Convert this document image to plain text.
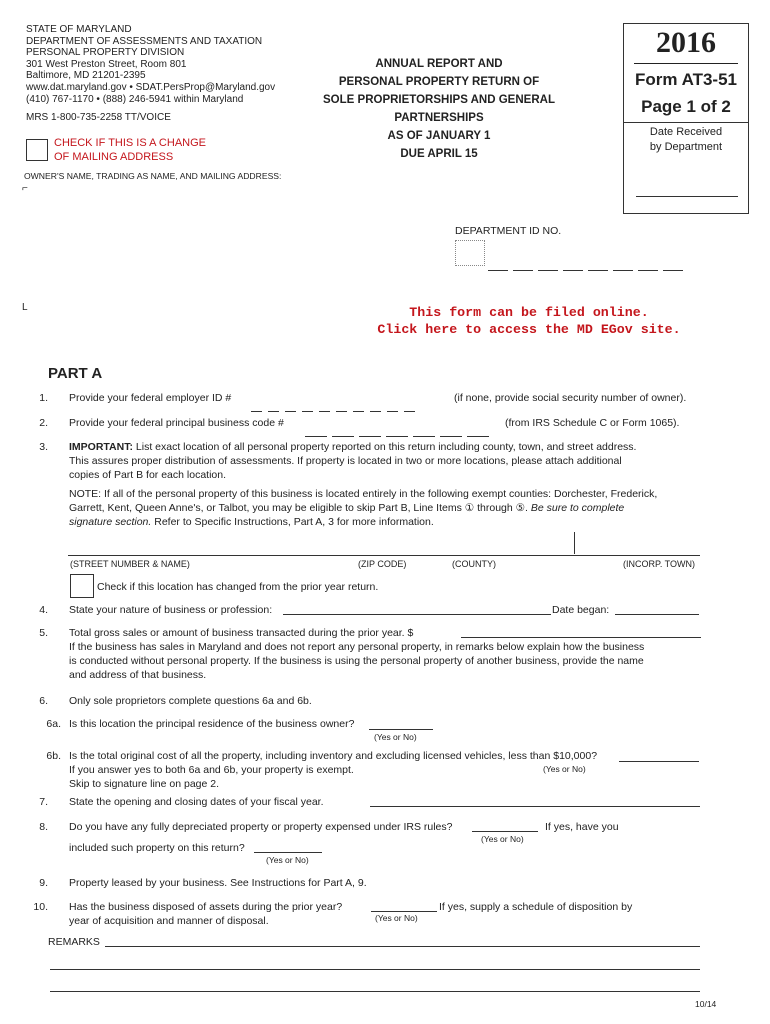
STATE OF MARYLAND
DEPARTMENT OF ASSESSMENTS AND TAXATION
PERSONAL PROPERTY DIVISION
301 West Preston Street, Room 801
Baltimore, MD 21201-2395
www.dat.maryland.gov • SDAT.PersProp@Maryland.gov
(410) 767-1170 • (888) 246-5941 within Maryland
MRS 1-800-735-2258 TT/VOICE
CHECK IF THIS IS A CHANGE
OF MAILING ADDRESS
OWNER'S NAME, TRADING AS NAME, AND MAILING ADDRESS:
⌐
L
ANNUAL REPORT AND
PERSONAL PROPERTY RETURN OF
SOLE PROPRIETORSHIPS AND GENERAL
PARTNERSHIPS
AS OF JANUARY 1
DUE APRIL 15
2016
Form AT3-51
Page 1 of 2
Date Received
by Department
DEPARTMENT ID NO.
This form can be filed online.
Click here to access the MD EGov site.
PART A
1. Provide your federal employer ID #	(if none, provide social security number of owner).
2. Provide your federal principal business code #	(from IRS Schedule C or Form 1065).
3. IMPORTANT: List exact location of all personal property reported on this return including county, town, and street address.
This assures proper distribution of assessments. If property is located in two or more locations, please attach additional
copies of Part B for each location.
NOTE: If all of the personal property of this business is located entirely in the following exempt counties: Dorchester, Frederick,
Garrett, Kent, Queen Anne's, or Talbot, you may be eligible to skip Part B, Line Items ① through ⑤. Be sure to complete
signature section. Refer to Specific Instructions, Part A, 3 for more information.
(STREET NUMBER & NAME)	(ZIP CODE)	(COUNTY)	(INCORP. TOWN)
Check if this location has changed from the prior year return.
4. State your nature of business or profession:	Date began:
5. Total gross sales or amount of business transacted during the prior year. $
If the business has sales in Maryland and does not report any personal property, in remarks below explain how the business
is conducted without personal property. If the business is using the personal property of another business, provide the name
and address of that business.
6. Only sole proprietors complete questions 6a and 6b.
6a. Is this location the principal residence of the business owner?
(Yes or No)
6b. Is the total original cost of all the property, including inventory and excluding licensed vehicles, less than $10,000?
If you answer yes to both 6a and 6b, your property is exempt.
Skip to signature line on page 2.
(Yes or No)
7. State the opening and closing dates of your fiscal year.
8. Do you have any fully depreciated property or property expensed under IRS rules?
(Yes or No)
If yes, have you
included such property on this return?
(Yes or No)
9. Property leased by your business. See Instructions for Part A, 9.
10. Has the business disposed of assets during the prior year?	If yes, supply a schedule of disposition by
(Yes or No)
year of acquisition and manner of disposal.
REMARKS
10/14
